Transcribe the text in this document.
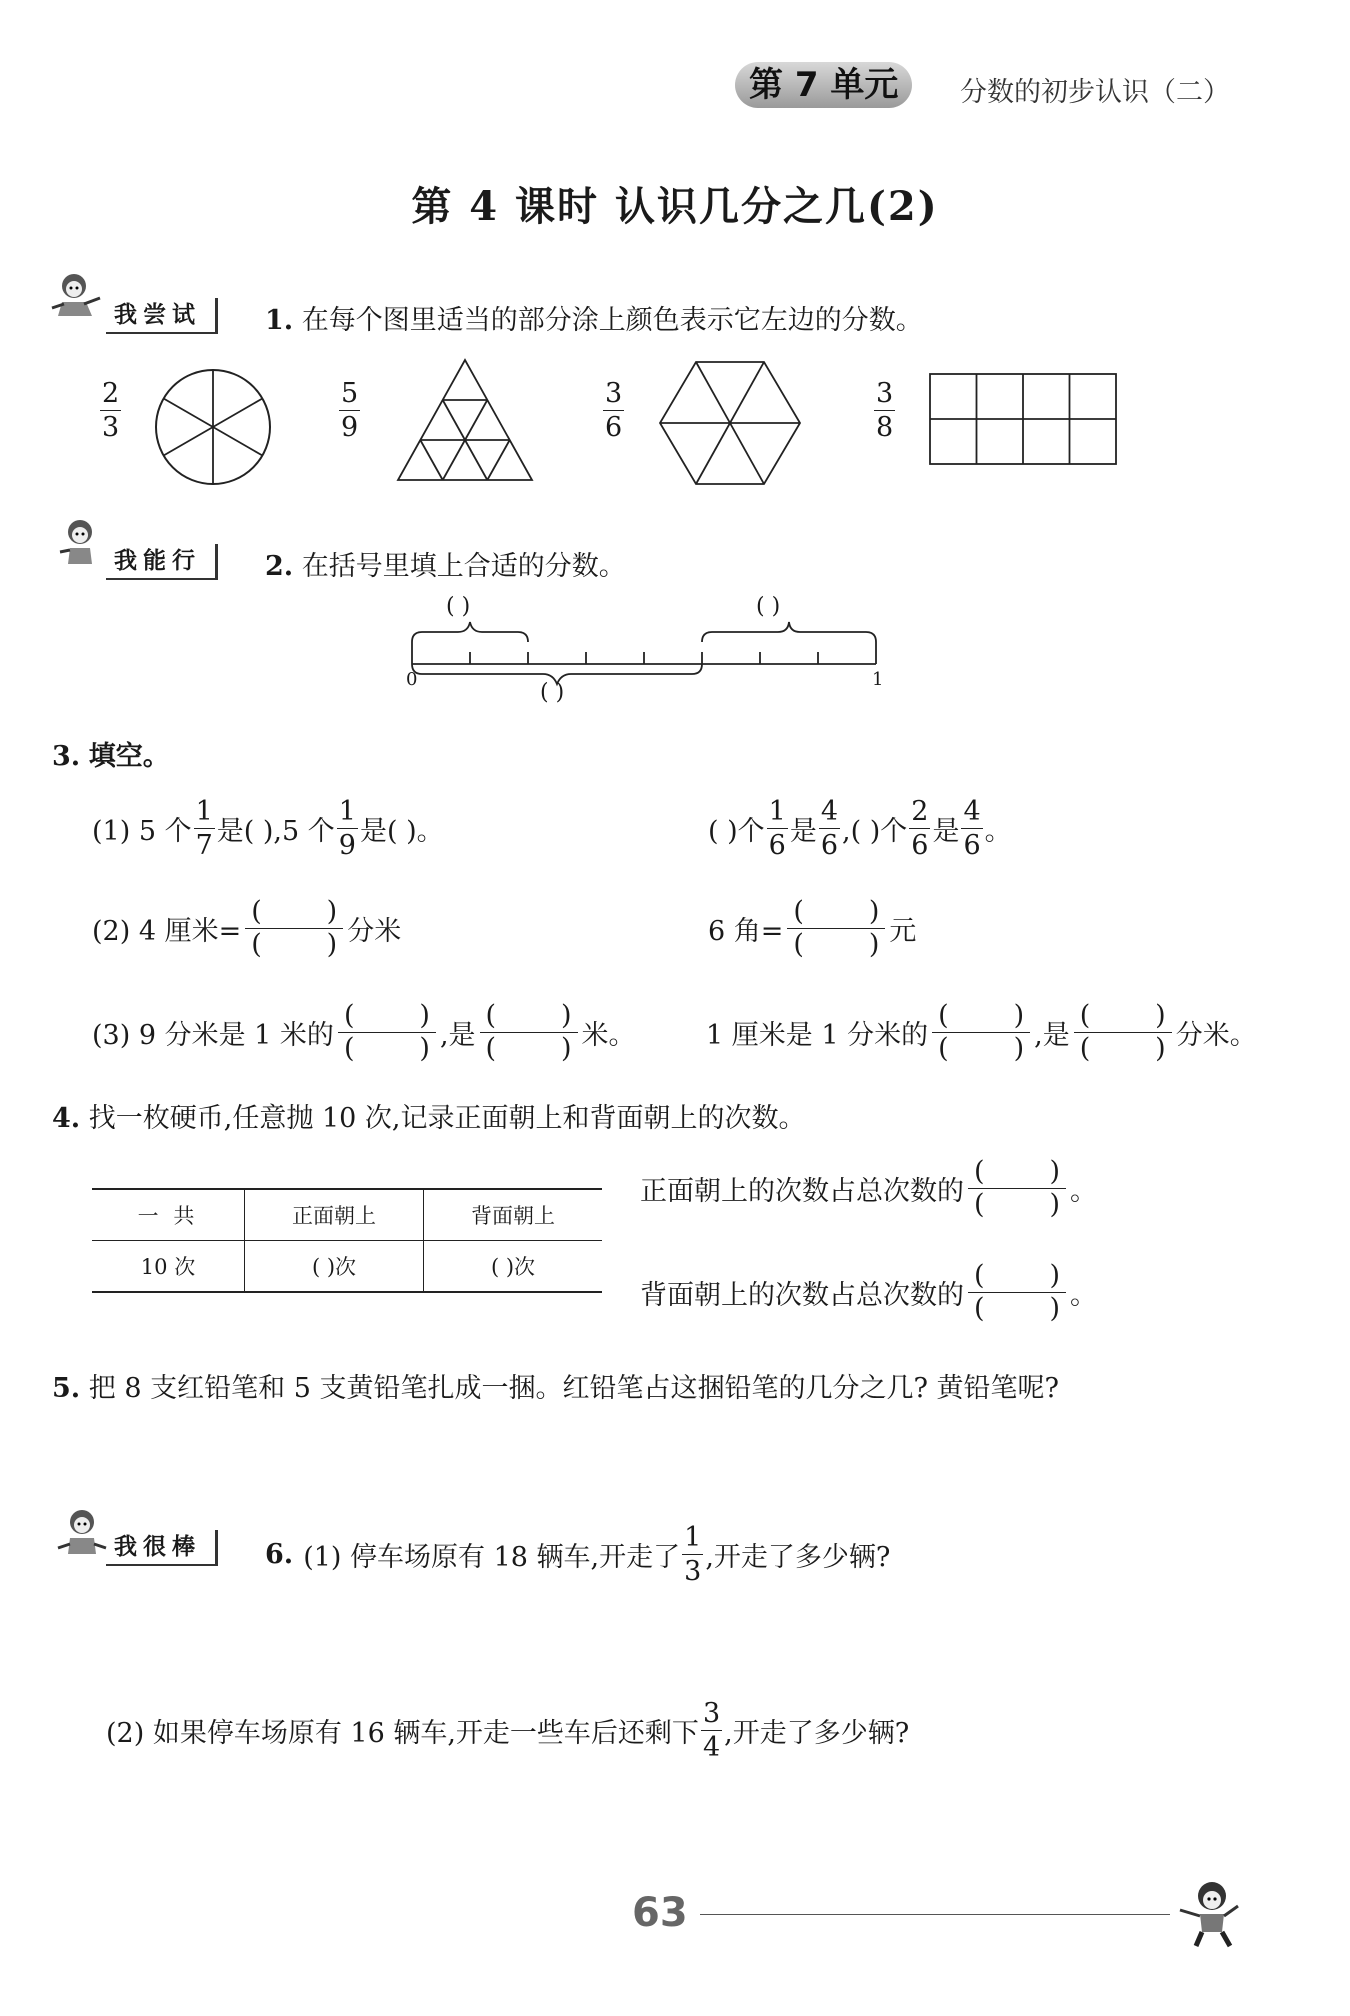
第 7 单元	分数的初步认识（二）
第 4 课时 认识几分之几(2)
我尝试	1. 在每个图里适当的部分涂上颜色表示它左边的分数。
$\frac{2}{3}$	$\frac{5}{9}$	$\frac{3}{6}$	$\frac{3}{8}$
我能行	2. 在括号里填上合适的分数。
( )	( )
( )
0	1
3. 填空。
(1) 5 个 $\frac{1}{7}$ 是( ),5 个 $\frac{1}{9}$ 是( )。	( )个 $\frac{1}{6}$ 是 $\frac{4}{6}$ ,( )个 $\frac{2}{6}$ 是 $\frac{4}{6}$ 。
(2) 4 厘米= $\frac{( )}{( )}$ 分米	6 角= $\frac{( )}{( )}$ 元
(3) 9 分米是 1 米的 $\frac{( )}{( )}$ ,是 $\frac{( )}{( )}$ 米。	1 厘米是 1 分米的 $\frac{( )}{( )}$ ,是 $\frac{( )}{( )}$ 分米。
4. 找一枚硬币,任意抛 10 次,记录正面朝上和背面朝上的次数。
一 共	正面朝上	背面朝上
10 次	( )次	( )次
正面朝上的次数占总次数的 $\frac{( )}{( )}$ 。
背面朝上的次数占总次数的 $\frac{( )}{( )}$ 。
5. 把 8 支红铅笔和 5 支黄铅笔扎成一捆。红铅笔占这捆铅笔的几分之几? 黄铅笔呢?
我很棒	6. (1) 停车场原有 18 辆车,开走了 $\frac{1}{3}$ ,开走了多少辆?
(2) 如果停车场原有 16 辆车,开走一些车后还剩下 $\frac{3}{4}$ ,开走了多少辆?
63
